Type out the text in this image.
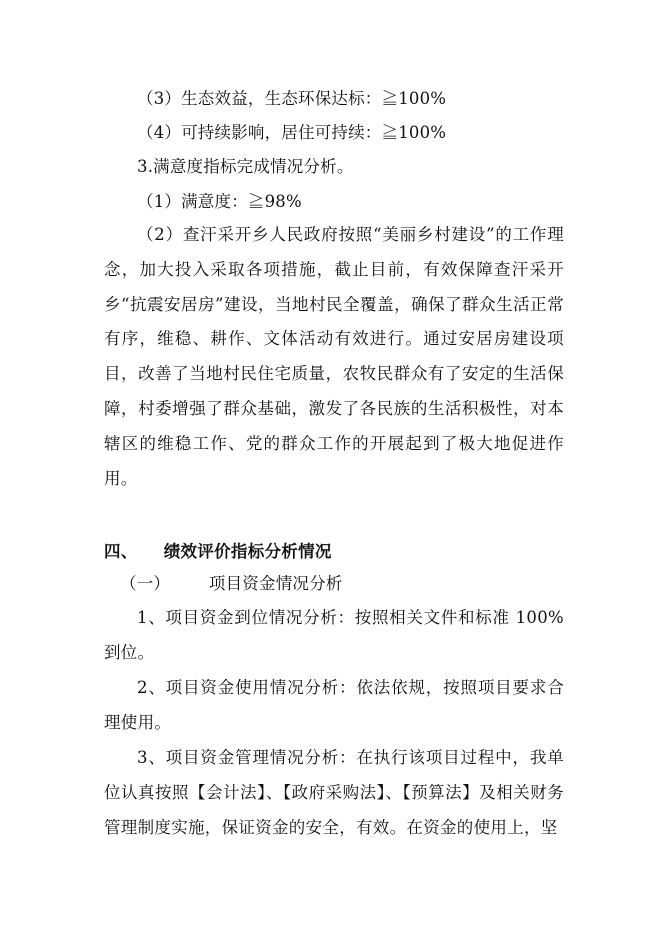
（3）生态效益，生态环保达标：≧100%
（4）可持续影响，居住可持续：≧100%
3.满意度指标完成情况分析。
（1）满意度：≧98%
（2）查汗采开乡人民政府按照“美丽乡村建设”的工作理念，加大投入采取各项措施，截止目前，有效保障查汗采开乡“抗震安居房”建设，当地村民全覆盖，确保了群众生活正常有序，维稳、耕作、文体活动有效进行。通过安居房建设项目，改善了当地村民住宅质量，农牧民群众有了安定的生活保障，村委增强了群众基础，激发了各民族的生活积极性，对本辖区的维稳工作、党的群众工作的开展起到了极大地促进作用。
四、 绩效评价指标分析情况
（一） 项目资金情况分析
1、项目资金到位情况分析：按照相关文件和标准 100%到位。
2、项目资金使用情况分析：依法依规，按照项目要求合理使用。
3、项目资金管理情况分析：在执行该项目过程中，我单位认真按照【会计法】、【政府采购法】、【预算法】及相关财务管理制度实施，保证资金的安全，有效。在资金的使用上，坚
